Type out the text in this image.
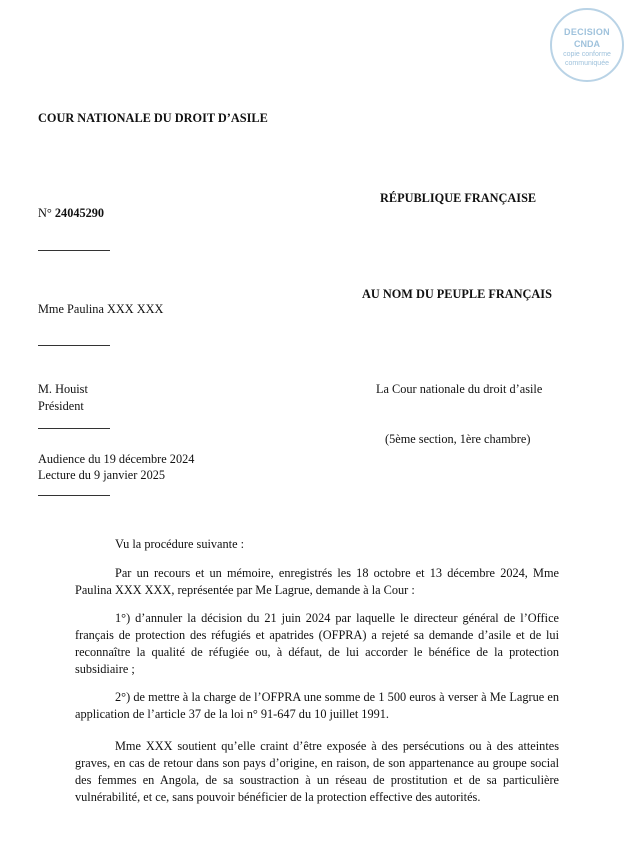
DECISION
CNDA
copie conforme
communiquée
COUR NATIONALE DU DROIT D’ASILE
RÉPUBLIQUE FRANÇAISE
N° 24045290
AU NOM DU PEUPLE FRANÇAIS
Mme Paulina XXX XXX
M. Houist	La Cour nationale du droit d’asile
Président
(5ème section, 1ère chambre)
Audience du 19 décembre 2024
Lecture du 9 janvier 2025
Vu la procédure suivante :
Par un recours et un mémoire, enregistrés les 18 octobre et 13 décembre 2024, Mme Paulina XXX XXX, représentée par Me Lagrue, demande à la Cour :
1°) d’annuler la décision du 21 juin 2024 par laquelle le directeur général de l’Office français de protection des réfugiés et apatrides (OFPRA) a rejeté sa demande d’asile et de lui reconnaître la qualité de réfugiée ou, à défaut, de lui accorder le bénéfice de la protection subsidiaire ;
2°) de mettre à la charge de l’OFPRA une somme de 1 500 euros à verser à Me Lagrue en application de l’article 37 de la loi n° 91-647 du 10 juillet 1991.
Mme XXX soutient qu’elle craint d’être exposée à des persécutions ou à des atteintes graves, en cas de retour dans son pays d’origine, en raison, de son appartenance au groupe social des femmes en Angola, de sa soustraction à un réseau de prostitution et de sa particulière vulnérabilité, et ce, sans pouvoir bénéficier de la protection effective des autorités.
